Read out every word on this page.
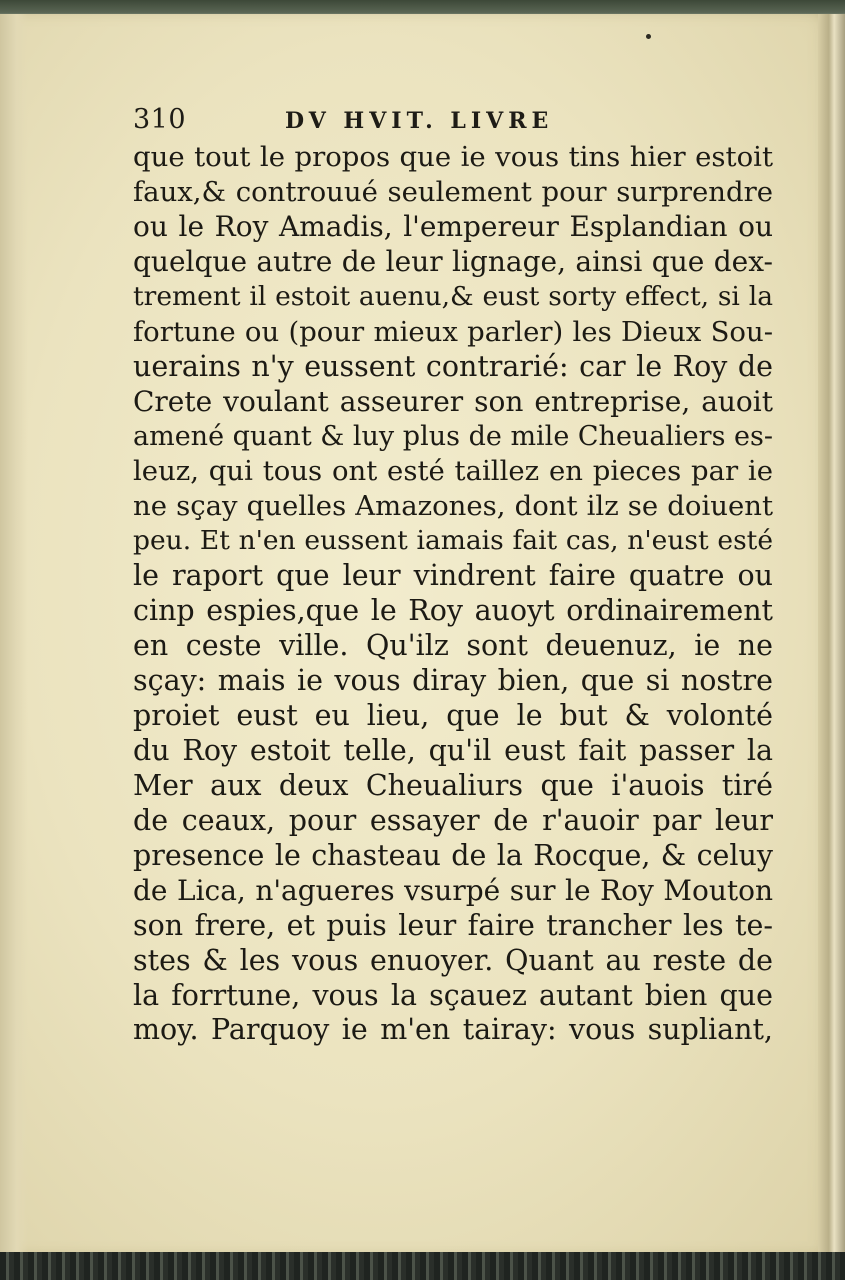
310	DV HVIT. LIVRE
que tout le propos que ie vous tins hier estoit
faux,& controuué seulement pour surprendre
ou le Roy Amadis, l'empereur Esplandian ou
quelque autre de leur lignage, ainsi que dex-
trement il estoit auenu,& eust sorty effect, si la
fortune ou (pour mieux parler) les Dieux Sou-
uerains n'y eussent contrarié: car le Roy de
Crete voulant asseurer son entreprise, auoit
amené quant & luy plus de mile Cheualiers es-
leuz, qui tous ont esté taillez en pieces par ie
ne sçay quelles Amazones, dont ilz se doiuent
peu. Et n'en eussent iamais fait cas, n'eust esté
le raport que leur vindrent faire quatre ou
cinp espies,que le Roy auoyt ordinairement
en ceste ville. Qu'ilz sont deuenuz, ie ne
sçay: mais ie vous diray bien, que si nostre
proiet eust eu lieu, que le but & volonté
du Roy estoit telle, qu'il eust fait passer la
Mer aux deux Cheualiurs que i'auois tiré
de ceaux, pour essayer de r'auoir par leur
presence le chasteau de la Rocque, & celuy
de Lica, n'agueres vsurpé sur le Roy Mouton
son frere, et puis leur faire trancher les te-
stes & les vous enuoyer. Quant au reste de
la forrtune, vous la sçauez autant bien que
moy. Parquoy ie m'en tairay: vous supliant,
